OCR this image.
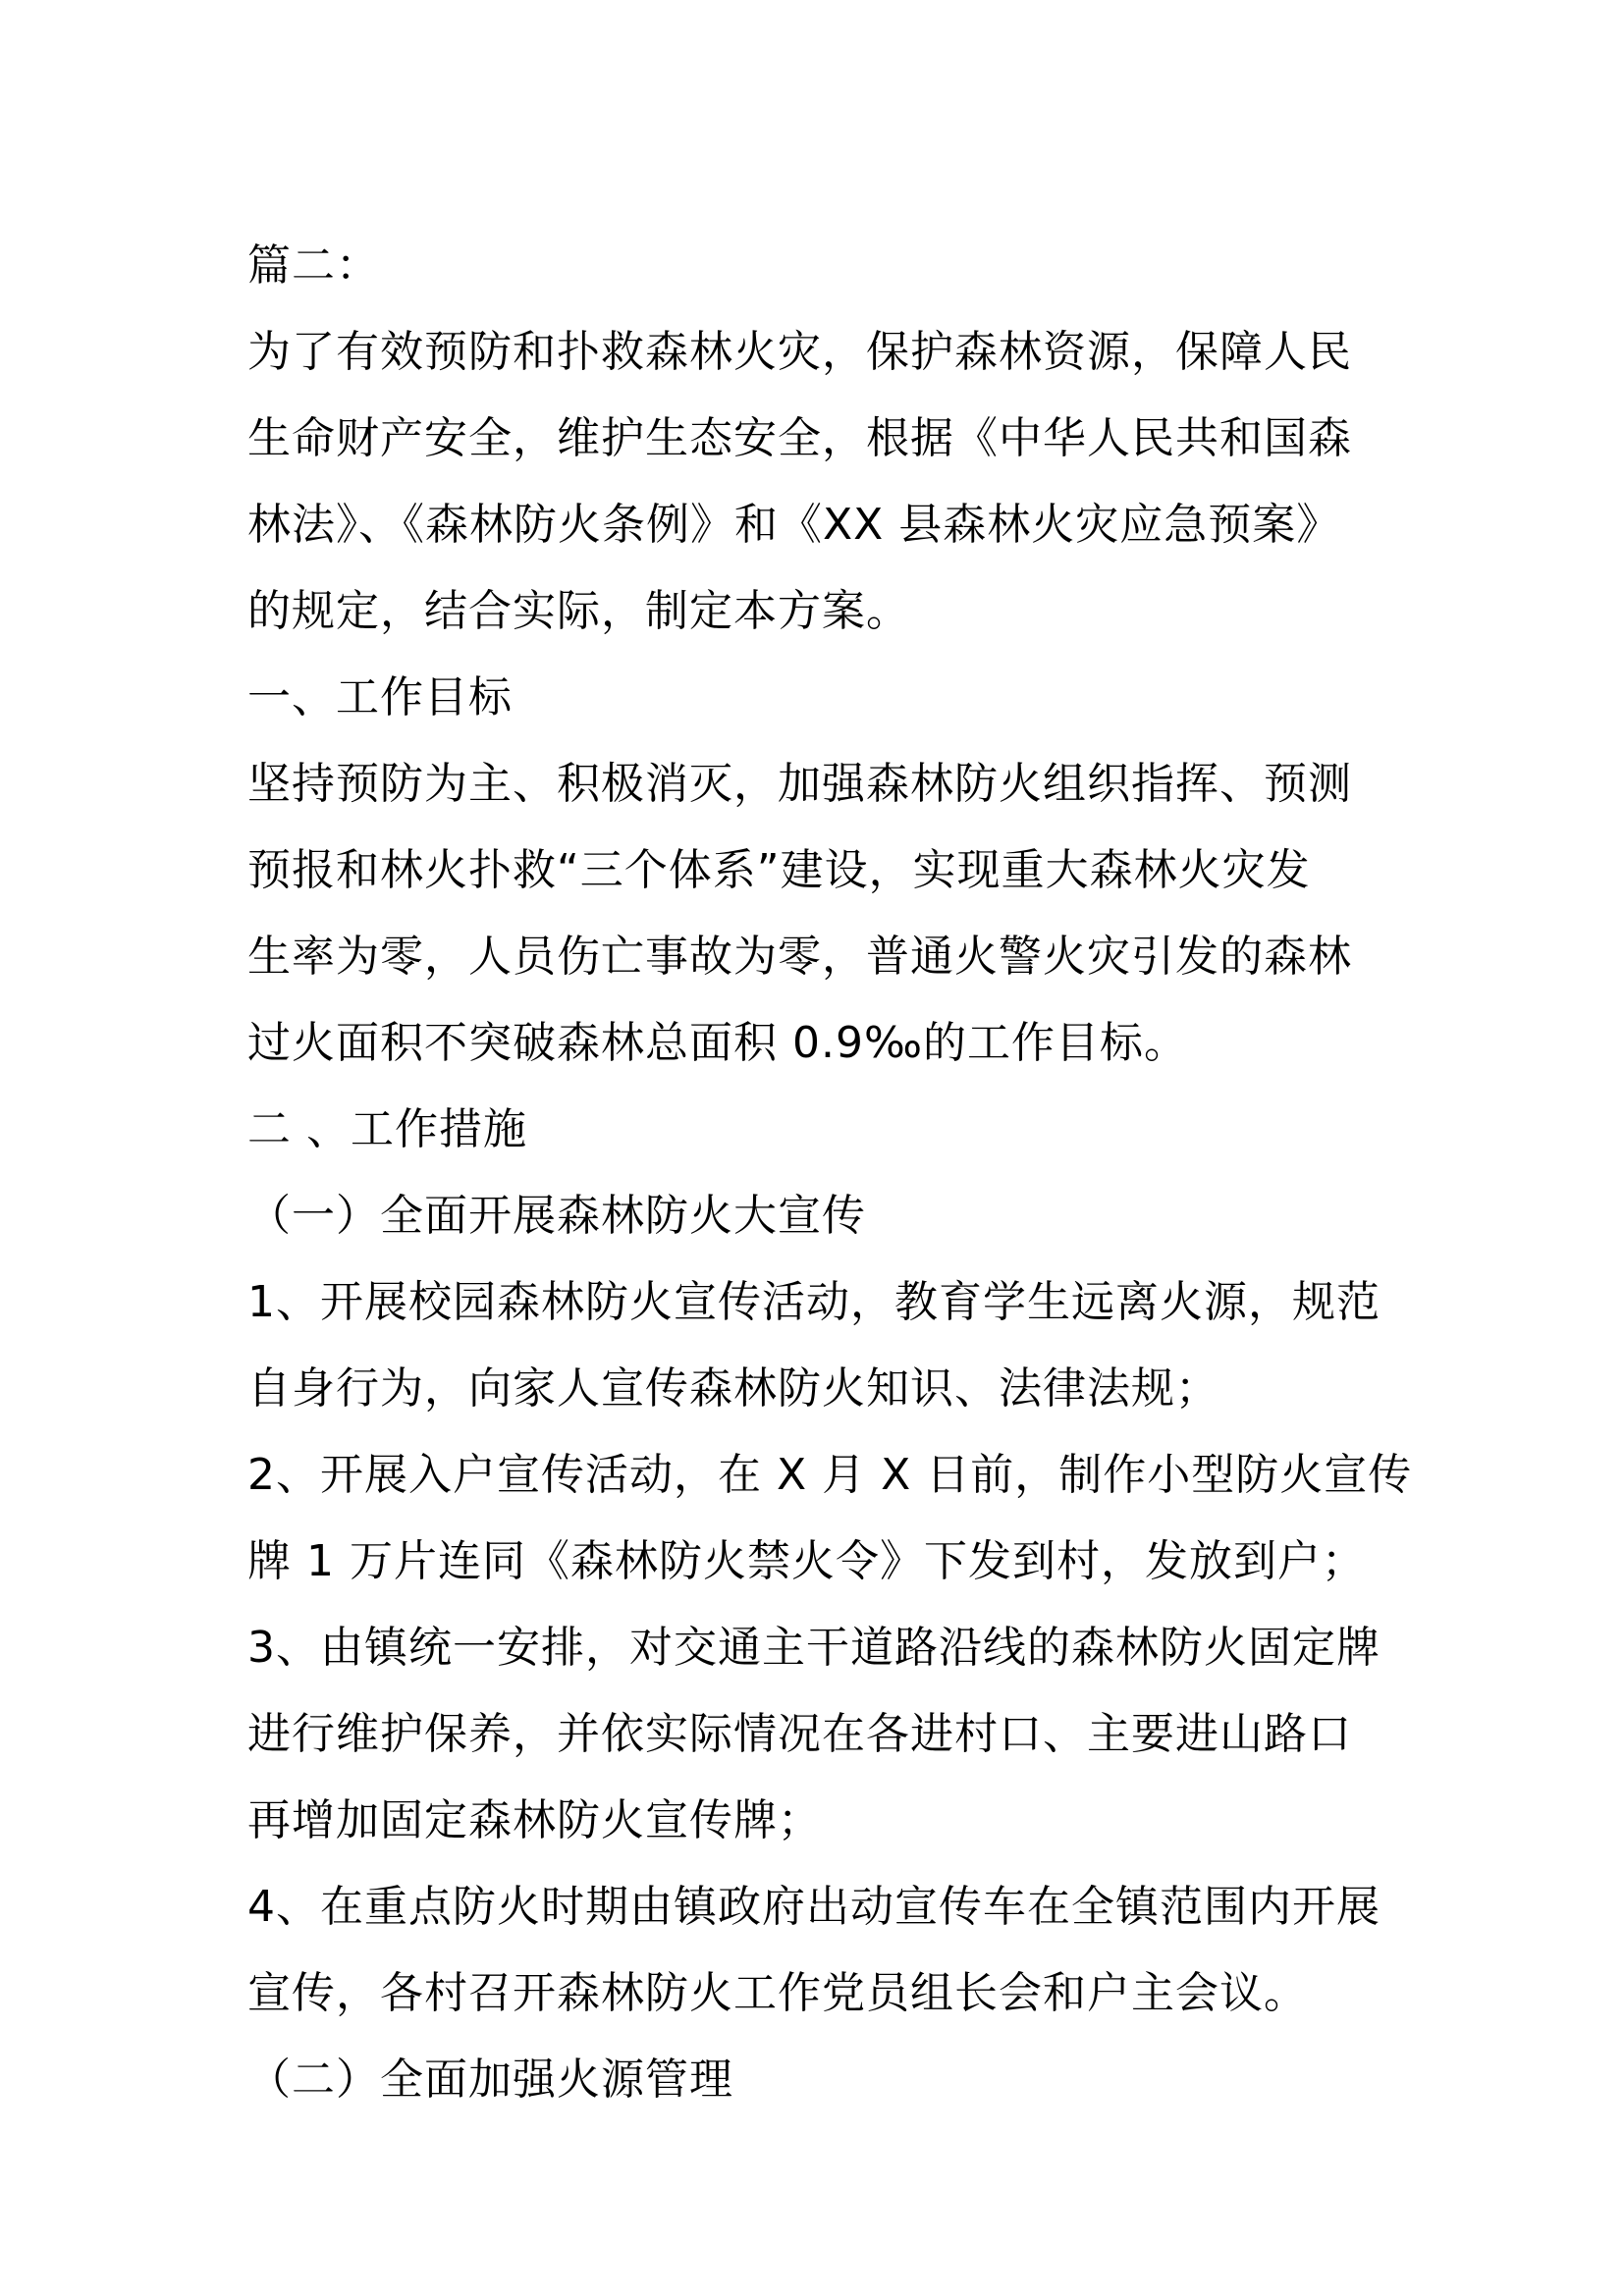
篇二：
为了有效预防和扑救森林火灾，保护森林资源，保障人民
生命财产安全，维护生态安全，根据《中华人民共和国森
林法》、《森林防火条例》和《XX 县森林火灾应急预案》
的规定，结合实际，制定本方案。
一、工作目标
坚持预防为主、积极消灭，加强森林防火组织指挥、预测
预报和林火扑救“三个体系”建设，实现重大森林火灾发
生率为零，人员伤亡事故为零，普通火警火灾引发的森林
过火面积不突破森林总面积 0.9‰的工作目标。
二 、工作措施
（一）全面开展森林防火大宣传
1、开展校园森林防火宣传活动，教育学生远离火源，规范
自身行为，向家人宣传森林防火知识、法律法规；
2、开展入户宣传活动，在 X 月 X 日前，制作小型防火宣传
牌 1 万片连同《森林防火禁火令》下发到村，发放到户；
3、由镇统一安排，对交通主干道路沿线的森林防火固定牌
进行维护保养，并依实际情况在各进村口、主要进山路口
再增加固定森林防火宣传牌；
4、在重点防火时期由镇政府出动宣传车在全镇范围内开展
宣传，各村召开森林防火工作党员组长会和户主会议。
（二）全面加强火源管理
